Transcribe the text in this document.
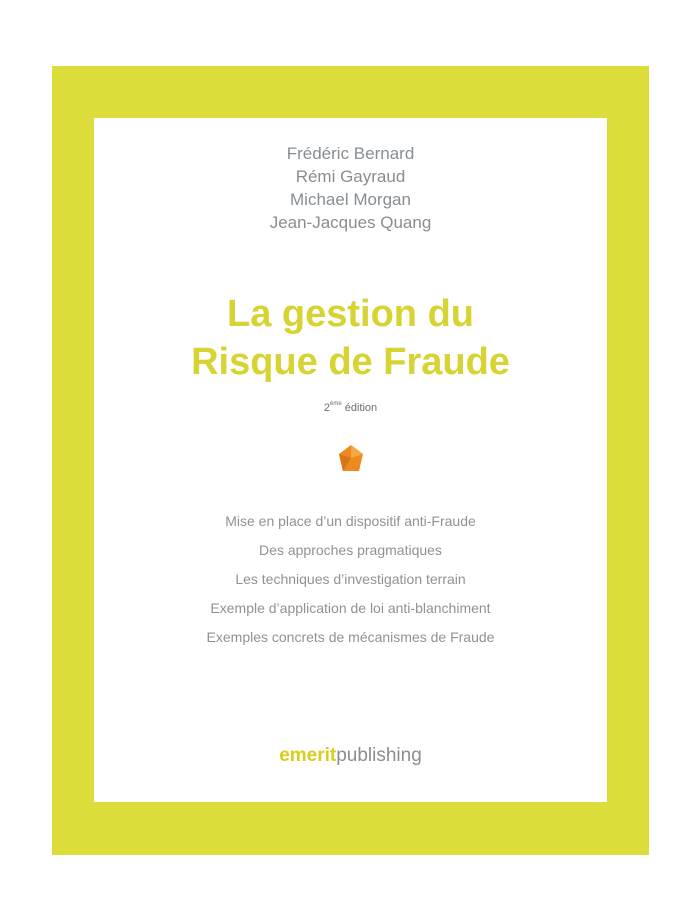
Frédéric Bernard
Rémi Gayraud
Michael Morgan
Jean-Jacques Quang
La gestion du
Risque de Fraude
2ème édition
Mise en place d’un dispositif anti-Fraude
Des approches pragmatiques
Les techniques d’investigation terrain
Exemple d’application de loi anti-blanchiment
Exemples concrets de mécanismes de Fraude
emeritpublishing
